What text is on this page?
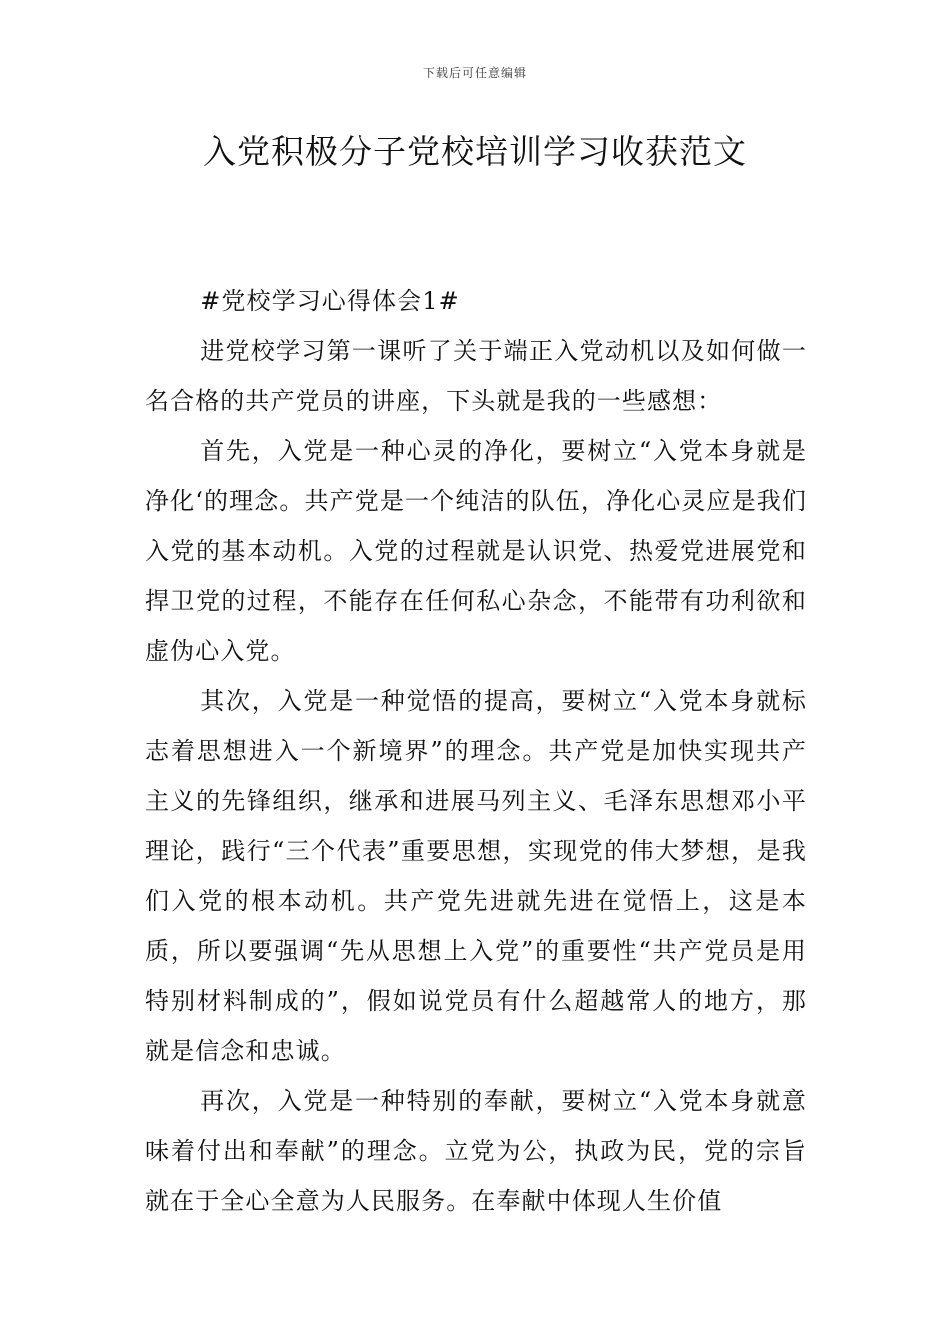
下载后可任意编辑
入党积极分子党校培训学习收获范文

#党校学习心得体会1#

进党校学习第一课听了关于端正入党动机以及如何做一名合格的共产党员的讲座，下头就是我的一些感想：

首先，入党是一种心灵的净化，要树立“入党本身就是净化‘的理念。共产党是一个纯洁的队伍，净化心灵应是我们入党的基本动机。入党的过程就是认识党、热爱党进展党和捍卫党的过程，不能存在任何私心杂念，不能带有功利欲和虚伪心入党。

其次，入党是一种觉悟的提高，要树立“入党本身就标志着思想进入一个新境界”的理念。共产党是加快实现共产主义的先锋组织，继承和进展马列主义、毛泽东思想邓小平理论，践行“三个代表”重要思想，实现党的伟大梦想，是我们入党的根本动机。共产党先进就先进在觉悟上，这是本质，所以要强调“先从思想上入党”的重要性“共产党员是用特别材料制成的”，假如说党员有什么超越常人的地方，那就是信念和忠诚。

再次，入党是一种特别的奉献，要树立“入党本身就意味着付出和奉献”的理念。立党为公，执政为民，党的宗旨就在于全心全意为人民服务。在奉献中体现人生价值
